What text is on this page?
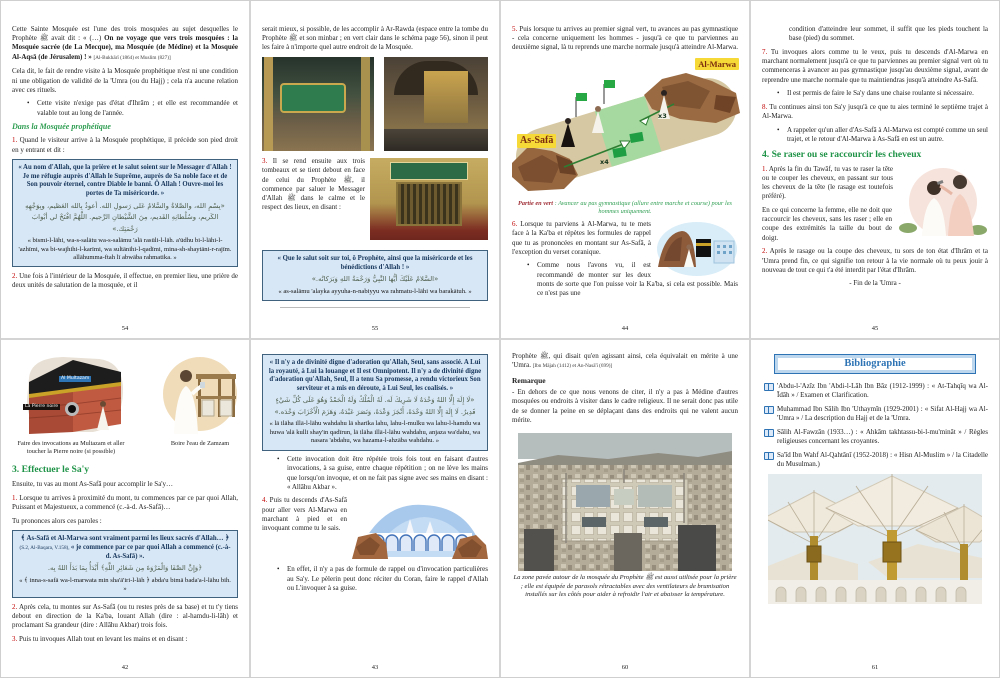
Cette Sainte Mosquée est l'une des trois mosquées au sujet desquelles le Prophète ﷺ avait dit : « (…) On ne voyage que vers trois mosquées : la Mosquée sacrée (de La Mecque), ma Mosquée (de Médine) et la Mosquée Al-Aqsā (de Jérusalem) ! » [Al-Bukhārī (1864) et Muslim (827)]
Cela dit, le fait de rendre visite à la Mosquée prophétique n'est ni une condition ni une obligation de validité de la 'Umra (ou du Hajj) ; cela n'a aucune relation avec ces rituels.
• Cette visite n'exige pas d'état d'Ihrām ; et elle est recommandée et valable tout au long de l'année.
Dans la Mosquée prophétique
1. Quand le visiteur arrive à la Mosquée prophétique, il précède son pied droit en y entrant et dit :
« Au nom d'Allah, que la prière et le salut soient sur le Messager d'Allah ! Je me réfugie auprès d'Allah le Suprême, auprès de Sa noble face et de Son pouvoir éternel, contre Diable le banni. Ô Allah ! Ouvre-moi les portes de Ta miséricorde. »
«بِسْمِ الله، والصَّلاةُ والسَّلامُ عَلى رَسولِ الله. أعوذُ بِالله العَظيم، وبِوَجْهِهِ الكَريم، وسُلْطانِهِ القَديم، مِنَ الشَّيْطانِ الرَّجيم. اللَّهُمَّ افْتَحْ لي أبْوابَ رَحْمَتِك.»
« bismi-l-lāhi, wa-s-salātu wa-s-salāmu 'alā rasūli-l-lāh. a'ūdhu bi-l-lāhi-l-'azhīmi, wa bi-wajhihi-l-karīmi, wa sultānihi-l-qadīmi, mina-sh-shaytāni-r-rajīm. allāhumma-ftah lī abwāba rahmatika. »
2. Une fois à l'intérieur de la Mosquée, il effectue, en premier lieu, une prière de deux unités de salutation de la mosquée, et il
54
serait mieux, si possible, de les accomplir à Ar-Rawda (espace entre la tombe du Prophète ﷺ et son minbar ; en vert clair dans le schéma page 56), sinon il peut les faire à n'importe quel autre endroit de la Mosquée.
3. Il se rend ensuite aux trois tombeaux et se tient debout en face de celui du Prophète ﷺ, il commence par saluer le Messager d'Allah ﷺ dans le calme et le respect des lieux, en disant :
« Que le salut soit sur toi, ô Prophète, ainsi que la miséricorde et les bénédictions d'Allah ! »
«السَّلامُ عَلَيْكَ أيُّها النَّبِيُّ وَرَحْمَةُ اللهِ وَبَرَكاتُه.»
« as-salāmu 'alayka ayyuha-n-nabiyyu wa rahmatu-l-lāhi wa barakātuh. »
55
5. Puis lorsque tu arrives au premier signal vert, tu avances au pas gymnastique - cela concerne uniquement les hommes - jusqu'à ce que tu parviennes au deuxième signal, là tu reprends une marche normale jusqu'à atteindre Al-Marwa.
Al-Marwa
As-Safā
x3
x4
Partie en vert : Avancer au pas gymnastique (allure entre marche et course) pour les hommes uniquement.
6. Lorsque tu parviens à Al-Marwa, tu te mets face à la Ka'ba et répètes les formules de rappel que tu as prononcées en montant sur As-Safā, à l'exception du verset coranique.
• Comme nous l'avons vu, il est recommandé de monter sur les deux monts de sorte que l'on puisse voir la Ka'ba, si cela est possible. Mais ce n'est pas une
44
condition d'atteindre leur sommet, il suffit que les pieds touchent la base (pied) du sommet.
7. Tu invoques alors comme tu le veux, puis tu descends d'Al-Marwa en marchant normalement jusqu'à ce que tu parviennes au premier signal vert où tu commenceras à avancer au pas gymnastique jusqu'au deuxième signal, avant de reprendre une marche normale que tu maintiendras jusqu'à atteindre As-Safā.
• Il est permis de faire le Sa'y dans une chaise roulante si nécessaire.
8. Tu continues ainsi ton Sa'y jusqu'à ce que tu aies terminé le septième trajet à Al-Marwa.
• A rappeler qu'un aller d'As-Safā à Al-Marwa est compté comme un seul trajet, et le retour d'Al-Marwa à As-Safā en est un autre.
4. Se raser ou se raccourcir les cheveux
1. Après la fin du Tawāf, tu vas te raser la tête ou te couper les cheveux, en passant sur tous les cheveux de la tête (le rasage est toutefois préféré).
En ce qui concerne la femme, elle ne doit que raccourcir les cheveux, sans les raser ; elle en coupe des extrémités la taille du bout de doigt.
2. Après le rasage ou la coupe des cheveux, tu sors de ton état d'Ihrām et ta 'Umra prend fin, ce qui signifie ton retour à la vie normale où tu peux jouir à nouveau de tout ce qui t'a été interdit par l'état d'Ihrām.
- Fin de la 'Umra -
45
Al Multazam
La Pierre noire
Faire des invocations au Multazam et aller toucher la Pierre noire (si possible)
Boire l'eau de Zamzam
3. Effectuer le Sa'y
Ensuite, tu vas au mont As-Safā pour accomplir le Sa'y…
1. Lorsque tu arrives à proximité du mont, tu commences par ce par quoi Allah, Puissant et Majestueux, a commencé (c.-à-d. As-Safā)…
Tu prononces alors ces paroles :
﴾ As-Safā et Al-Marwa sont vraiment parmi les lieux sacrés d'Allah… ﴿ (S.2, Al-Baqara, V.158), « je commence par ce par quoi Allah a commencé (c.-à-d. As-Safā) ».
﴿وَإِنَّ الصَّفَا وَالْمَرْوَةَ مِن شَعَائِرِ اللَّهِ﴾ أَبْدَأُ بِمَا بَدَأَ اللهُ بِه.
« ﴾ inna-s-safā wa-l-marwata min sha'ā'iri-l-lāh ﴿ abda'u bimā bada'a-l-lāhu bih. »
2. Après cela, tu montes sur As-Safā (ou tu restes près de sa base) et tu t'y tiens debout en direction de la Ka'ba, louant Allah (dire : al-hamdu-li-lāh) et proclamant Sa grandeur (dire : Allāhu Akbar) trois fois.
3. Puis tu invoques Allah tout en levant les mains et en disant :
42
« Il n'y a de divinité digne d'adoration qu'Allah, Seul, sans associé. A Lui la royauté, à Lui la louange et Il est Omnipotent. Il n'y a de divinité digne d'adoration qu'Allah, Seul, Il a tenu Sa promesse, a rendu victorieux Son serviteur et a mis en déroute, à Lui Seul, les coalisés. »
«لَا إِلَهَ إِلَّا اللهُ وَحْدَهُ لَا شَرِيكَ لَه. لَهُ الْمُلْكُ وَلَهُ الْحَمْدُ وَهُوَ عَلَى كُلِّ شَيْءٍ قَدِيرٌ. لَا إِلَهَ إِلَّا اللهُ وَحْدَهُ، أَنْجَزَ وَعْدَهُ، وَنَصَرَ عَبْدَهُ، وَهَزَمَ الْأَحْزَابَ وَحْدَه.»
« lā ilāha illā-l-lāhu wahdahu lā sharīka lahu, lahu-l-mulku wa lahu-l-hamdu wa huwa 'alā kulli shay'in qadīrun, lā ilāha illā-l-lāhu wahdahu, anjaza wa'dahu, wa nasara 'abdahu, wa hazama-l-ahzāba wahdahu. »
• Cette invocation doit être répétée trois fois tout en faisant d'autres invocations, à sa guise, entre chaque répétition ; on ne lève les mains que lorsqu'on invoque, et on ne fait pas signe avec ses mains en disant : « Allāhu Akbar ».
4. Puis tu descends d'As-Safā pour aller vers Al-Marwa en marchant à pied et en invoquant comme tu le sais.
• En effet, il n'y a pas de formule de rappel ou d'invocation particulières au Sa'y. Le pèlerin peut donc réciter du Coran, faire le rappel d'Allah ou L'invoquer à sa guise.
43
Prophète ﷺ, qui disait qu'en agissant ainsi, cela équivalait en mérite à une 'Umra. [Ibn Mājah (1412) et An-Nasā'ī (699)]
Remarque
- En dehors de ce que nous venons de citer, il n'y a pas à Médine d'autres mosquées ou endroits à visiter dans le cadre religieux. Il ne serait donc pas utile de se donner la peine en se déplaçant dans des endroits qui ne valent aucun mérite.
La zone pavée autour de la mosquée du Prophète ﷺ est aussi utilisée pour la prière ; elle est équipée de parasols rétractables avec des ventilateurs de brumisation installés sur les côtés pour aider à refroidir l'air et abaisser la température.
60
Bibliographie
'Abdu-l-'Azīz Ibn 'Abdi-l-Lāh Ibn Bāz (1912-1999) : « At-Tahqīq wa Al-Īdāh » / Examen et Clarification.
Muhammad Ibn Sālih Ibn 'Uthaymīn (1929-2001) : « Sifat Al-Hajj wa Al-'Umra » / La description du Hajj et de la 'Umra.
Sālih Al-Fawzān (1933…) : « Ahkām takhtassu-bi-l-mu'mināt » / Règles religieuses concernant les croyantes.
Sa'īd Ibn Wahf Al-Qahtānī (1952-2018) : « Hisn Al-Muslim » / la Citadelle du Musulman.)
61
